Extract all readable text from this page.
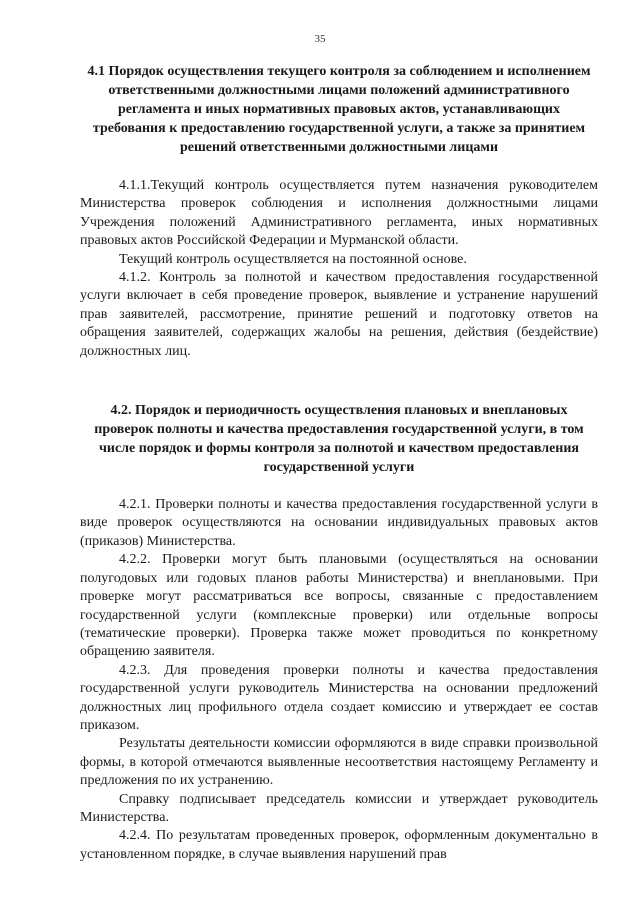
35
4.1 Порядок осуществления текущего контроля за соблюдением и исполнением ответственными должностными лицами положений административного регламента и иных нормативных правовых актов, устанавливающих требования к предоставлению государственной услуги, а также за принятием решений ответственными должностными лицами

4.1.1.Текущий контроль осуществляется путем назначения руководителем Министерства проверок соблюдения и исполнения должностными лицами Учреждения положений Административного регламента, иных нормативных правовых актов Российской Федерации и Мурманской области.

Текущий контроль осуществляется на постоянной основе.

4.1.2. Контроль за полнотой и качеством предоставления государственной услуги включает в себя проведение проверок, выявление и устранение нарушений прав заявителей, рассмотрение, принятие решений и подготовку ответов на обращения заявителей, содержащих жалобы на решения, действия (бездействие) должностных лиц.

4.2. Порядок и периодичность осуществления плановых и внеплановых проверок полноты и качества предоставления государственной услуги, в том числе порядок и формы контроля за полнотой и качеством предоставления государственной услуги

4.2.1. Проверки полноты и качества предоставления государственной услуги в виде проверок осуществляются на основании индивидуальных правовых актов (приказов) Министерства.

4.2.2. Проверки могут быть плановыми (осуществляться на основании полугодовых или годовых планов работы Министерства) и внеплановыми. При проверке могут рассматриваться все вопросы, связанные с предоставлением государственной услуги (комплексные проверки) или отдельные вопросы (тематические проверки). Проверка также может проводиться по конкретному обращению заявителя.

4.2.3. Для проведения проверки полноты и качества предоставления государственной услуги руководитель Министерства на основании предложений должностных лиц профильного отдела создает комиссию и утверждает ее состав приказом.

Результаты деятельности комиссии оформляются в виде справки произвольной формы, в которой отмечаются выявленные несоответствия настоящему Регламенту и предложения по их устранению.

Справку подписывает председатель комиссии и утверждает руководитель Министерства.

4.2.4. По результатам проведенных проверок, оформленным документально в установленном порядке, в случае выявления нарушений прав
